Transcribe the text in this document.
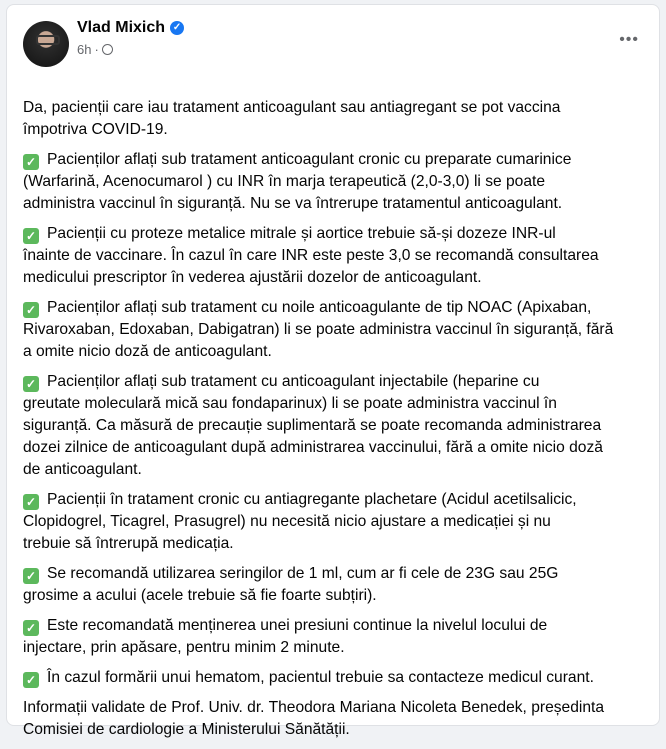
Vlad Mixich ✓
6h ·
•••
Da, pacienții care iau tratament anticoagulant sau antiagregant se pot vaccina
împotriva COVID-19.
✓ Pacienților aflați sub tratament anticoagulant cronic cu preparate cumarinice
(Warfarină, Acenocumarol ) cu INR în marja terapeutică (2,0-3,0) li se poate
administra vaccinul în siguranță. Nu se va întrerupe tratamentul anticoagulant.
✓ Pacienții cu proteze metalice mitrale și aortice trebuie să-și dozeze INR-ul
înainte de vaccinare. În cazul în care INR este peste 3,0 se recomandă consultarea
medicului prescriptor în vederea ajustării dozelor de anticoagulant.
✓ Pacienților aflați sub tratament cu noile anticoagulante de tip NOAC (Apixaban,
Rivaroxaban, Edoxaban, Dabigatran) li se poate administra vaccinul în siguranță, fără
a omite nicio doză de anticoagulant.
✓ Pacienților aflați sub tratament cu anticoagulant injectabile (heparine cu
greutate moleculară mică sau fondaparinux) li se poate administra vaccinul în
siguranță. Ca măsură de precauție suplimentară se poate recomanda administrarea
dozei zilnice de anticoagulant după administrarea vaccinului, fără a omite nicio doză
de anticoagulant.
✓ Pacienții în tratament cronic cu antiagregante plachetare (Acidul acetilsalicic,
Clopidogrel, Ticagrel, Prasugrel) nu necesită nicio ajustare a medicației și nu
trebuie să întrerupă medicația.
✓ Se recomandă utilizarea seringilor de 1 ml, cum ar fi cele de 23G sau 25G
grosime a acului (acele trebuie să fie foarte subțiri).
✓ Este recomandată menținerea unei presiuni continue la nivelul locului de
injectare, prin apăsare, pentru minim 2 minute.
✓ În cazul formării unui hematom, pacientul trebuie sa contacteze medicul curant.
Informații validate de Prof. Univ. dr. Theodora Mariana Nicoleta Benedek, președinta
Comisiei de cardiologie a Ministerului Sănătății.
